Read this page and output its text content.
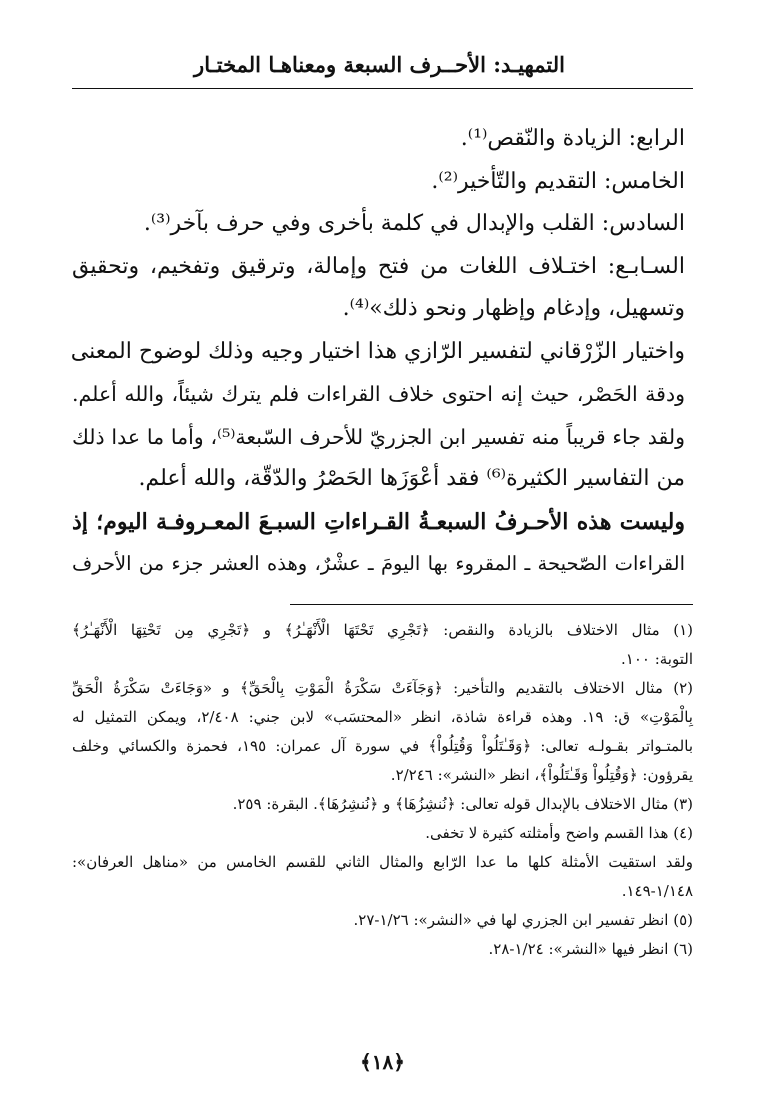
التمهيـد: الأحــرف السبعة ومعناهـا المختـار
الرابع: الزيادة والنّقص⁽¹⁾.
الخامس: التقديم والتّأخير⁽²⁾.
السادس: القلب والإبدال في كلمة بأخرى وفي حرف بآخر⁽³⁾.
السـابـع: اختـلاف اللغات من فتح وإمالة، وترقيق وتفخيم، وتحقيق
وتسهيل، وإدغام وإظهار ونحو ذلك»⁽⁴⁾.
واختيار الزّرْقاني لتفسير الرّازي هذا اختيار وجيه وذلك لوضوح المعنى
ودقة الحَصْر، حيث إنه احتوى خلاف القراءات فلم يترك شيئاً، والله أعلم.
ولقد جاء قريباً منه تفسير ابن الجزريّ للأحرف السّبعة⁽⁵⁾، وأما ما عدا ذلك
من التفاسير الكثيرة⁽⁶⁾ فقد أعْوَزَها الحَصْرُ والدّقّة، والله أعلم.
وليست هذه الأحـرفُ السبعـةُ القـراءاتِ السبـعَ المعـروفـة اليوم؛ إذ
القراءات الصّحيحة ـ المقروء بها اليومَ ـ عشْرٌ، وهذه العشر جزء من الأحرف
(١) مثال الاختلاف بالزيادة والنقص: ﴿تَجْرِي تَحْتَهَا الْأَنْهَـٰرُ﴾ و ﴿تَجْرِي مِن تَحْتِهَا الْأَنْهَـٰرُ﴾
التوبة: ١٠٠.
(٢) مثال الاختلاف بالتقديم والتأخير: ﴿وَجَآءَتْ سَكْرَةُ الْمَوْتِ بِالْحَقِّ﴾ و «وَجَاءَتْ سَكْرَةُ الْحَقِّ
بِالْمَوْتِ» ق: ١٩. وهذه قراءة شاذة، انظر «المحتسَب» لابن جني: ٢/٤٠٨، ويمكن التمثيل له
بالمتـواتر بقـولـه تعالى: ﴿وَقَـٰتَلُواْ وَقُتِلُواْ﴾ في سورة آل عمران: ١٩٥، فحمزة والكسائي وخلف
يقرؤون: ﴿وَقُتِلُواْ وَقَـٰتَلُواْ﴾، انظر «النشر»: ٢/٢٤٦.
(٣) مثال الاختلاف بالإبدال قوله تعالى: ﴿نُنشِزُهَا﴾ و ﴿نُنشِرُهَا﴾. البقرة: ٢٥٩.
(٤) هذا القسم واضح وأمثلته كثيرة لا تخفى.
ولقد استقيت الأمثلة كلها ما عدا الرّابع والمثال الثاني للقسم الخامس من «مناهل العرفان»:
١/١٤٨-١٤٩.
(٥) انظر تفسير ابن الجزري لها في «النشر»: ١/٢٦-٢٧.
(٦) انظر فيها «النشر»: ١/٢٤-٢٨.
﴿١٨﴾
